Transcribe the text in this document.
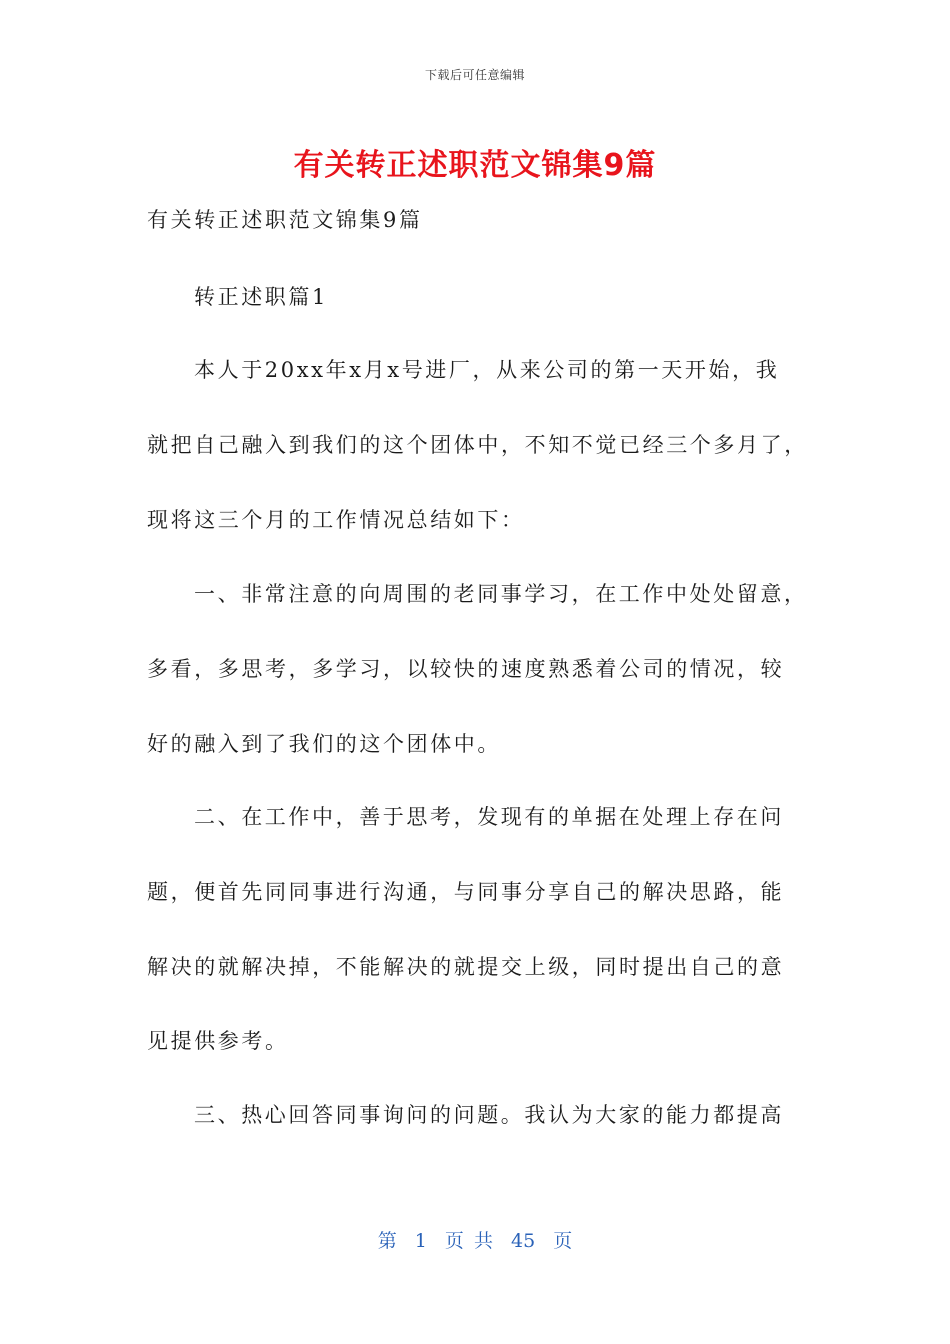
下载后可任意编辑
有关转正述职范文锦集9篇
有关转正述职范文锦集9篇
转正述职篇1
本人于20xx年x月x号进厂，从来公司的第一天开始，我
就把自己融入到我们的这个团体中，不知不觉已经三个多月了，
现将这三个月的工作情况总结如下：
一、非常注意的向周围的老同事学习，在工作中处处留意，
多看，多思考，多学习，以较快的速度熟悉着公司的情况，较
好的融入到了我们的这个团体中。
二、在工作中，善于思考，发现有的单据在处理上存在问
题，便首先同同事进行沟通，与同事分享自己的解决思路，能
解决的就解决掉，不能解决的就提交上级，同时提出自己的意
见提供参考。
三、热心回答同事询问的问题。我认为大家的能力都提高
第 1 页 共 45 页
